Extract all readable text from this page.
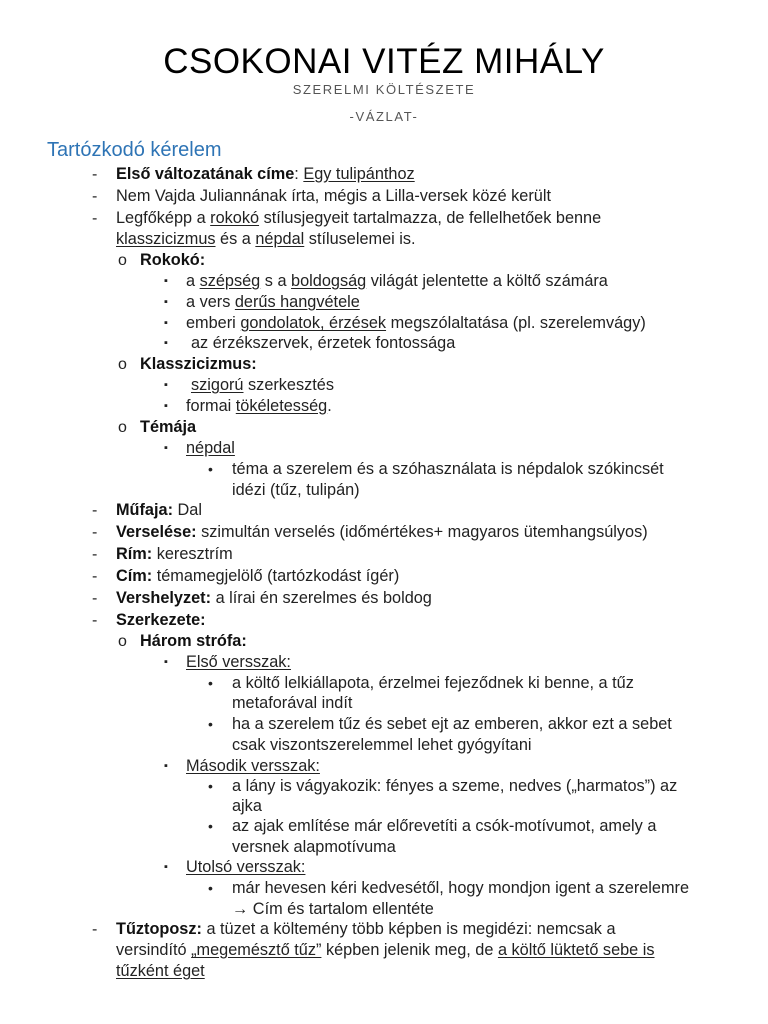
CSOKONAI VITÉZ MIHÁLY
SZERELMI KÖLTÉSZETE
-VÁZLAT-
Tartózkodó kérelem
- Első változatának címe: Egy tulipánthoz
- Nem Vajda Juliannának írta, mégis a Lilla-versek közé került
- Legfőképp a rokokó stílusjegyeit tartalmazza, de fellelhetőek benne
klasszicizmus és a népdal stíluselemei is.
o Rokokó:
▪ a szépség s a boldogság világát jelentette a költő számára
▪ a vers derűs hangvétele
▪ emberi gondolatok, érzések megszólaltatása (pl. szerelemvágy)
▪ az érzékszervek, érzetek fontossága
o Klasszicizmus:
▪ szigorú szerkesztés
▪ formai tökéletesség.
o Témája
▪ népdal
• téma a szerelem és a szóhasználata is népdalok szókincsét
idézi (tűz, tulipán)
- Műfaja: Dal
- Verselése: szimultán verselés (időmértékes+ magyaros ütemhangsúlyos)
- Rím: keresztrím
- Cím: témamegjelölő (tartózkodást ígér)
- Vershelyzet: a lírai én szerelmes és boldog
- Szerkezete:
o Három strófa:
▪ Első versszak:
• a költő lelkiállapota, érzelmei fejeződnek ki benne, a tűz
metaforával indít
• ha a szerelem tűz és sebet ejt az emberen, akkor ezt a sebet
csak viszontszerelemmel lehet gyógyítani
▪ Második versszak:
• a lány is vágyakozik: fényes a szeme, nedves („harmatos”) az
ajka
• az ajak említése már előrevetíti a csók-motívumot, amely a
versnek alapmotívuma
▪ Utolsó versszak:
• már hevesen kéri kedvesétől, hogy mondjon igent a szerelemre
→ Cím és tartalom ellentéte
- Tűztoposz: a tüzet a költemény több képben is megidézi: nemcsak a
versindító „megemésztő tűz” képben jelenik meg, de a költő lüktető sebe is
tűzként éget
